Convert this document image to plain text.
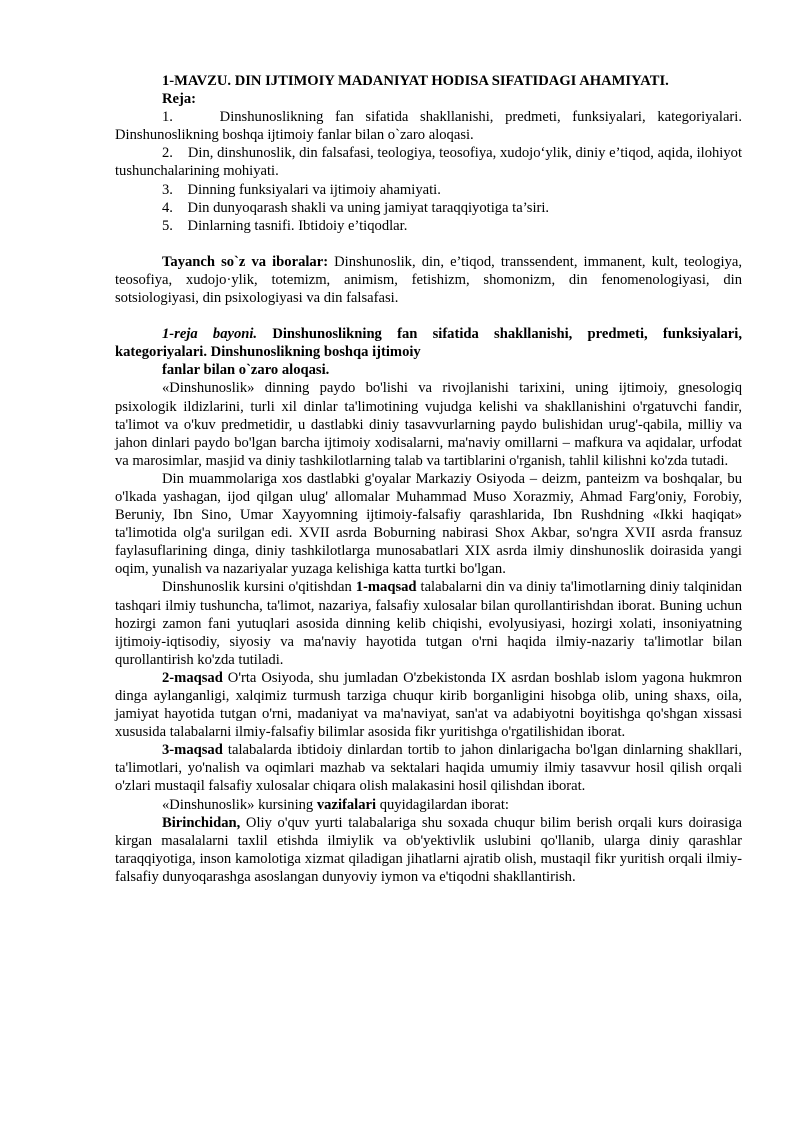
1-MAVZU. DIN IJTIMOIY MADANIYAT HODISA SIFATIDAGI AHAMIYATI.

Reja:

1.	Dinshunoslikning fan sifatida shakllanishi, predmeti, funksiyalari, kategoriyalari. Dinshunoslikning boshqa ijtimoiy fanlar bilan o`zaro aloqasi.

2. Din, dinshunoslik, din falsafasi, teologiya, teosofiya, xudojo‘ylik, diniy e’tiqod, aqida, ilohiyot tushunchalarining mohiyati.

3. Dinning funksiyalari va ijtimoiy ahamiyati.

4. Din dunyoqarash shakli va uning jamiyat taraqqiyotiga ta’siri.

5. Dinlarning tasnifi. Ibtidoiy e’tiqodlar.

Tayanch so`z va iboralar: Dinshunoslik, din, e’tiqod, transsendent, immanent, kult, teologiya, teosofiya, xudojo·ylik, totemizm, animism, fetishizm, shomonizm, din fenomenologiyasi, din sotsiologiyasi, din psixologiyasi va din falsafasi.

1-reja bayoni. Dinshunoslikning fan sifatida shakllanishi, predmeti, funksiyalari, kategoriyalari. Dinshunoslikning boshqa ijtimoiy

fanlar bilan o`zaro aloqasi.

«Dinshunoslik» dinning paydo bo'lishi va rivojlanishi tarixini, uning ijtimoiy, gnesologiq psixologik ildizlarini, turli xil dinlar ta'limotining vujudga kelishi va shakllanishini o'rgatuvchi fandir, ta'limot va o'kuv predmetidir, u dastlabki diniy tasavvurlarning paydo bulishidan urug'-qabila, milliy va jahon dinlari paydo bo'lgan barcha ijtimoiy xodisalarni, ma'naviy omillarni – mafkura va aqidalar, urfodat va marosimlar, masjid va diniy tashkilotlarning talab va tartiblarini o'rganish, tahlil kilishni ko'zda tutadi.

Din muammolariga xos dastlabki g'oyalar Markaziy Osiyoda – deizm, panteizm va boshqalar, bu o'lkada yashagan, ijod qilgan ulug' allomalar Muhammad Muso Xorazmiy, Ahmad Farg'oniy, Forobiy, Beruniy, Ibn Sino, Umar Xayyomning ijtimoiy-falsafiy qarashlarida, Ibn Rushdning «Ikki haqiqat» ta'limotida olg'a surilgan edi. XVII asrda Boburning nabirasi Shox Akbar, so'ngra XVII asrda fransuz faylasuflarining dinga, diniy tashkilotlarga munosabatlari XIX asrda ilmiy dinshunoslik doirasida yangi oqim, yunalish va nazariyalar yuzaga kelishiga katta turtki bo'lgan.

Dinshunoslik kursini o'qitishdan 1-maqsad talabalarni din va diniy ta'limotlarning diniy talqinidan tashqari ilmiy tushuncha, ta'limot, nazariya, falsafiy xulosalar bilan qurollantirishdan iborat. Buning uchun hozirgi zamon fani yutuqlari asosida dinning kelib chiqishi, evolyusiyasi, hozirgi xolati, insoniyatning ijtimoiy-iqtisodiy, siyosiy va ma'naviy hayotida tutgan o'rni haqida ilmiy-nazariy ta'limotlar bilan qurollantirish ko'zda tutiladi.

2-maqsad O'rta Osiyoda, shu jumladan O'zbekistonda IX asrdan boshlab islom yagona hukmron dinga aylanganligi, xalqimiz turmush tarziga chuqur kirib borganligini hisobga olib, uning shaxs, oila, jamiyat hayotida tutgan o'rni, madaniyat va ma'naviyat, san'at va adabiyotni boyitishga qo'shgan xissasi xususida talabalarni ilmiy-falsafiy bilimlar asosida fikr yuritishga o'rgatilishidan iborat.

3-maqsad talabalarda ibtidoiy dinlardan tortib to jahon dinlarigacha bo'lgan dinlarning shakllari, ta'limotlari, yo'nalish va oqimlari mazhab va sektalari haqida umumiy ilmiy tasavvur hosil qilish orqali o'zlari mustaqil falsafiy xulosalar chiqara olish malakasini hosil qilishdan iborat.

«Dinshunoslik» kursining vazifalari quyidagilardan iborat:

Birinchidan, Oliy o'quv yurti talabalariga shu soxada chuqur bilim berish orqali kurs doirasiga kirgan masalalarni taxlil etishda ilmiylik va ob'yektivlik uslubini qo'llanib, ularga diniy qarashlar taraqqiyotiga, inson kamolotiga xizmat qiladigan jihatlarni ajratib olish, mustaqil fikr yuritish orqali ilmiy-falsafiy dunyoqarashga asoslangan dunyoviy iymon va e'tiqodni shakllantirish.
